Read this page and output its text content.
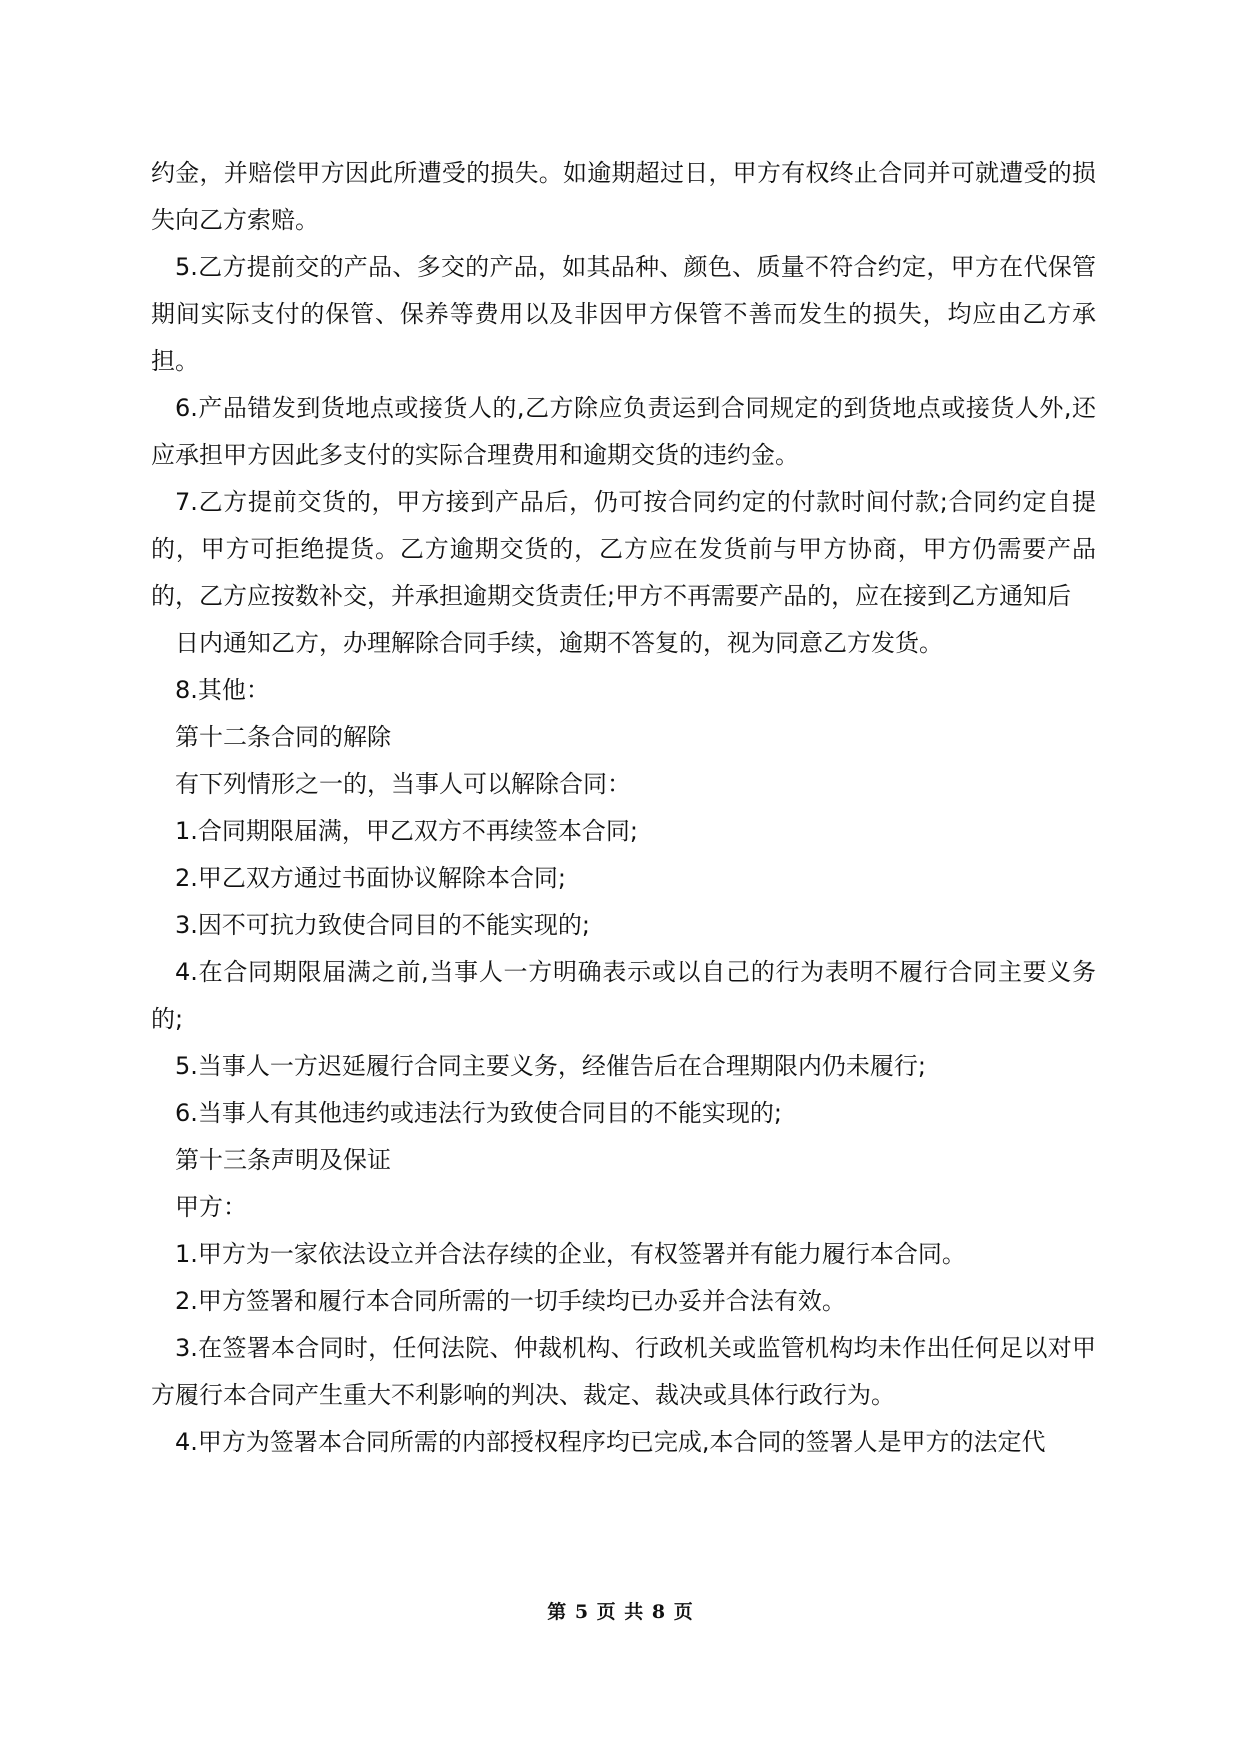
约金，并赔偿甲方因此所遭受的损失。如逾期超过日，甲方有权终止合同并可就遭受的损失向乙方索赔。

5.乙方提前交的产品、多交的产品，如其品种、颜色、质量不符合约定，甲方在代保管期间实际支付的保管、保养等费用以及非因甲方保管不善而发生的损失，均应由乙方承担。

6.产品错发到货地点或接货人的,乙方除应负责运到合同规定的到货地点或接货人外,还应承担甲方因此多支付的实际合理费用和逾期交货的违约金。

7.乙方提前交货的，甲方接到产品后，仍可按合同约定的付款时间付款;合同约定自提的，甲方可拒绝提货。乙方逾期交货的，乙方应在发货前与甲方协商，甲方仍需要产品的，乙方应按数补交，并承担逾期交货责任;甲方不再需要产品的，应在接到乙方通知后

日内通知乙方，办理解除合同手续，逾期不答复的，视为同意乙方发货。

8.其他：

第十二条合同的解除

有下列情形之一的，当事人可以解除合同：

1.合同期限届满，甲乙双方不再续签本合同;

2.甲乙双方通过书面协议解除本合同;

3.因不可抗力致使合同目的不能实现的;

4.在合同期限届满之前,当事人一方明确表示或以自己的行为表明不履行合同主要义务的;

5.当事人一方迟延履行合同主要义务，经催告后在合理期限内仍未履行;

6.当事人有其他违约或违法行为致使合同目的不能实现的;

第十三条声明及保证

甲方：

1.甲方为一家依法设立并合法存续的企业，有权签署并有能力履行本合同。

2.甲方签署和履行本合同所需的一切手续均已办妥并合法有效。

3.在签署本合同时，任何法院、仲裁机构、行政机关或监管机构均未作出任何足以对甲方履行本合同产生重大不利影响的判决、裁定、裁决或具体行政行为。

4.甲方为签署本合同所需的内部授权程序均已完成,本合同的签署人是甲方的法定代

第 5 页 共 8 页
